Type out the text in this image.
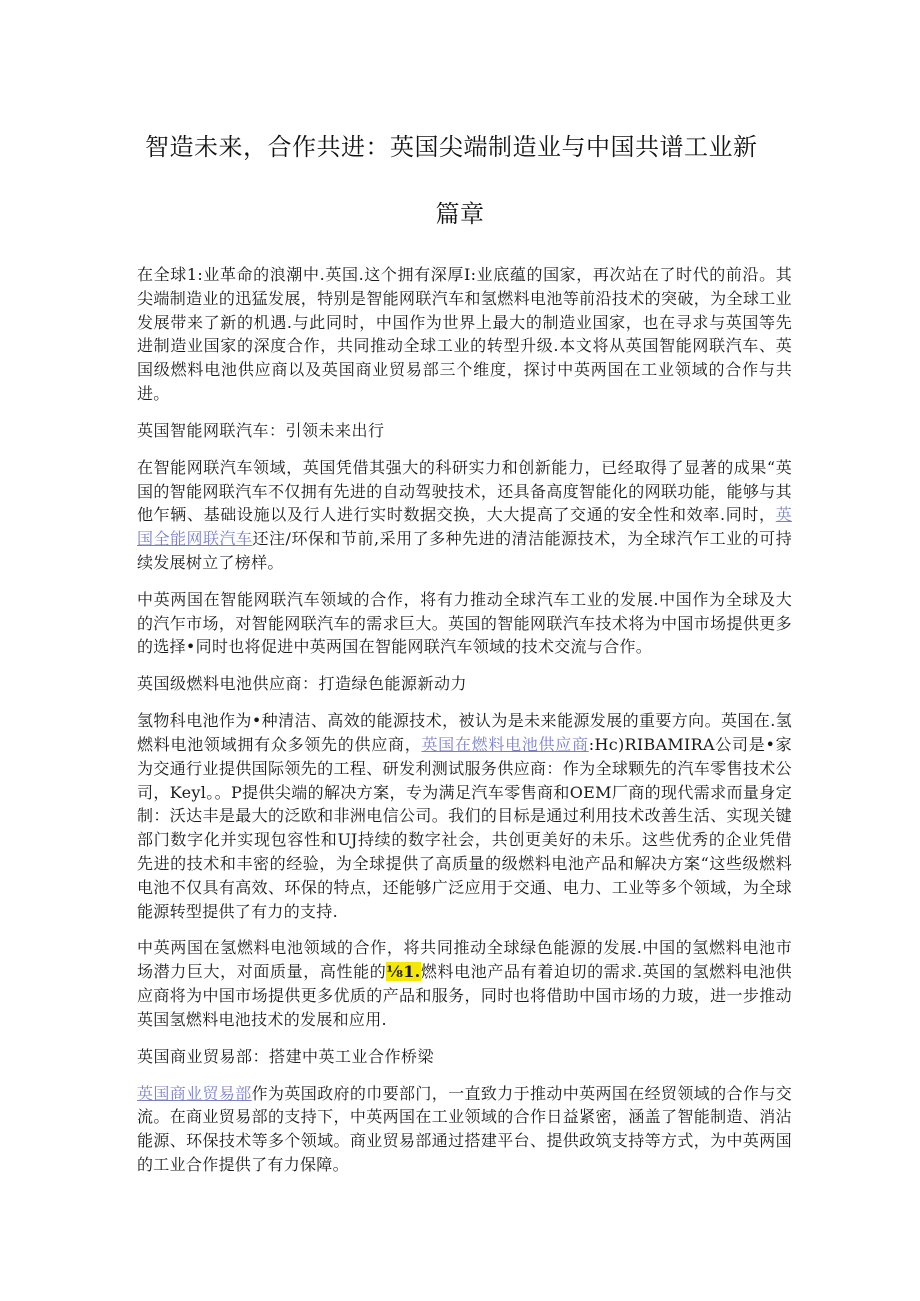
智造未来，合作共进：英国尖端制造业与中国共谱工业新
篇章

在全球1:业革命的浪潮中.英国.这个拥有深厚I:业底蕴的国家，再次站在了时代的前沿。其尖端制造业的迅猛发展，特别是智能网联汽车和氢燃料电池等前沿技术的突破，为全球工业发展带来了新的机遇.与此同时，中国作为世界上最大的制造业国家，也在寻求与英国等先进制造业国家的深度合作，共同推动全球工业的转型升级.本文将从英国智能网联汽车、英国级燃料电池供应商以及英国商业贸易部三个维度，探讨中英两国在工业领域的合作与共进。

英国智能网联汽车：引领未来出行

在智能网联汽车领域，英国凭借其强大的科研实力和创新能力，已经取得了显著的成果“英国的智能网联汽车不仅拥有先进的自动驾驶技术，还具备高度智能化的网联功能，能够与其他乍辆、基础设施以及行人进行实时数据交换，大大提高了交通的安全性和效率.同时，英国全能网联汽车还注/环保和节前,采用了多种先进的清洁能源技术，为全球汽乍工业的可持续发展树立了榜样。

中英两国在智能网联汽车领域的合作，将有力推动全球汽车工业的发展.中国作为全球及大的汽乍市场，对智能网联汽车的需求巨大。英国的智能网联汽车技术将为中国市场提供更多的选择•同时也将促进中英两国在智能网联汽车领域的技术交流与合作。

英国级燃料电池供应商：打造绿色能源新动力

氢物科电池作为•种清洁、高效的能源技术，被认为是未来能源发展的重要方向。英国在.氢燃料电池领域拥有众多领先的供应商，英国在燃料电池供应商:Hc)RIBAMIRA公司是•家为交通行业提供国际领先的工程、研发利测试服务供应商：作为全球颗先的汽车零售技术公司，Keyl。。P提供尖端的解决方案，专为满足汽车零售商和OEM厂商的现代需求而量身定制：沃达丰是最大的泛欧和非洲电信公司。我们的目标是通过利用技术改善生活、实现关键部门数字化并实现包容性和UJ持续的数字社会，共创更美好的未乐。这些优秀的企业凭借先进的技术和丰密的经验，为全球提供了高质量的级燃料电池产品和解决方案“这些级燃料电池不仅具有高效、环保的特点，还能够广泛应用于交通、电力、工业等多个领域，为全球能源转型提供了有力的支持.

中英两国在氢燃料电池领域的合作，将共同推动全球绿色能源的发展.中国的氢燃料电池市场潜力巨大，对面质量，高性能的⅛1.燃料电池产品有着迫切的需求.英国的氢燃料电池供应商将为中国市场提供更多优质的产品和服务，同时也将借助中国市场的力玻，进一步推动英国氢燃料电池技术的发展和应用.

英国商业贸易部：搭建中英工业合作桥梁

英国商业贸易部作为英国政府的巾要部门，一直致力于推动中英两国在经贸领域的合作与交流。在商业贸易部的支持下，中英两国在工业领域的合作日益紧密，涵盖了智能制造、消沾能源、环保技术等多个领域。商业贸易部通过搭建平台、提供政筑支持等方式，为中英两国的工业合作提供了有力保障。
